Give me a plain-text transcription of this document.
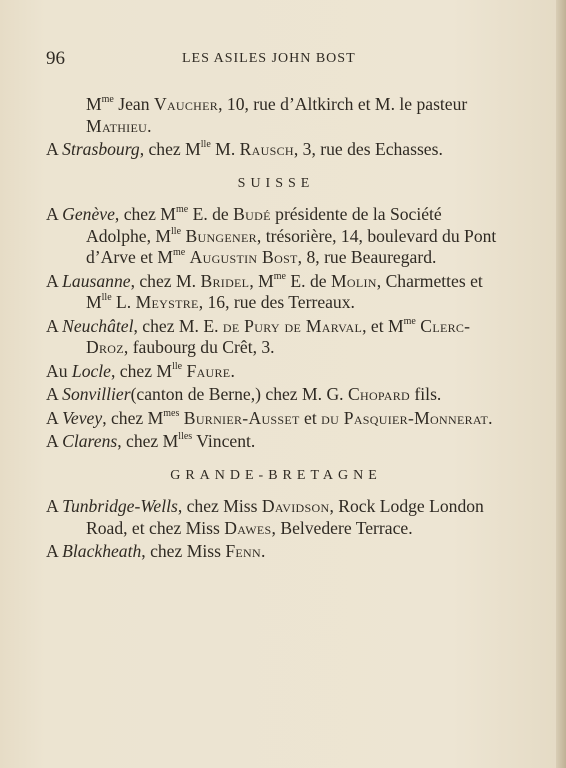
96	LES ASILES JOHN BOST
$M^{me}$ Jean Vaucher, 10, rue d’Altkirch et M. le pasteur Mathieu.
A Strasbourg, chez $M^{lle}$ M. Rausch, 3, rue des Echasses.
SUISSE
A Genève, chez $M^{me}$ E. de Budé présidente de la Société Adolphe, $M^{lle}$ Bungener, trésorière, 14, boulevard du Pont d’Arve et $M^{me}$ Augustin Bost, 8, rue Beauregard.
A Lausanne, chez M. Bridel, $M^{me}$ E. de Molin, Charmettes et $M^{lle}$ L. Meystre, 16, rue des Terreaux.
A Neuchâtel, chez M. E. de Pury de Marval, et $M^{me}$ Clerc-Droz, faubourg du Crêt, 3.
Au Locle, chez $M^{lle}$ Faure.
A Sonvillier(canton de Berne,) chez M. G. Chopard fils.
A Vevey, chez $M^{mes}$ Burnier-Ausset et du Pasquier-Monnerat.
A Clarens, chez $M^{lles}$ Vincent.
GRANDE-BRETAGNE
A Tunbridge-Wells, chez Miss Davidson, Rock Lodge London Road, et chez Miss Dawes, Belvedere Terrace.
A Blackheath, chez Miss Fenn.
